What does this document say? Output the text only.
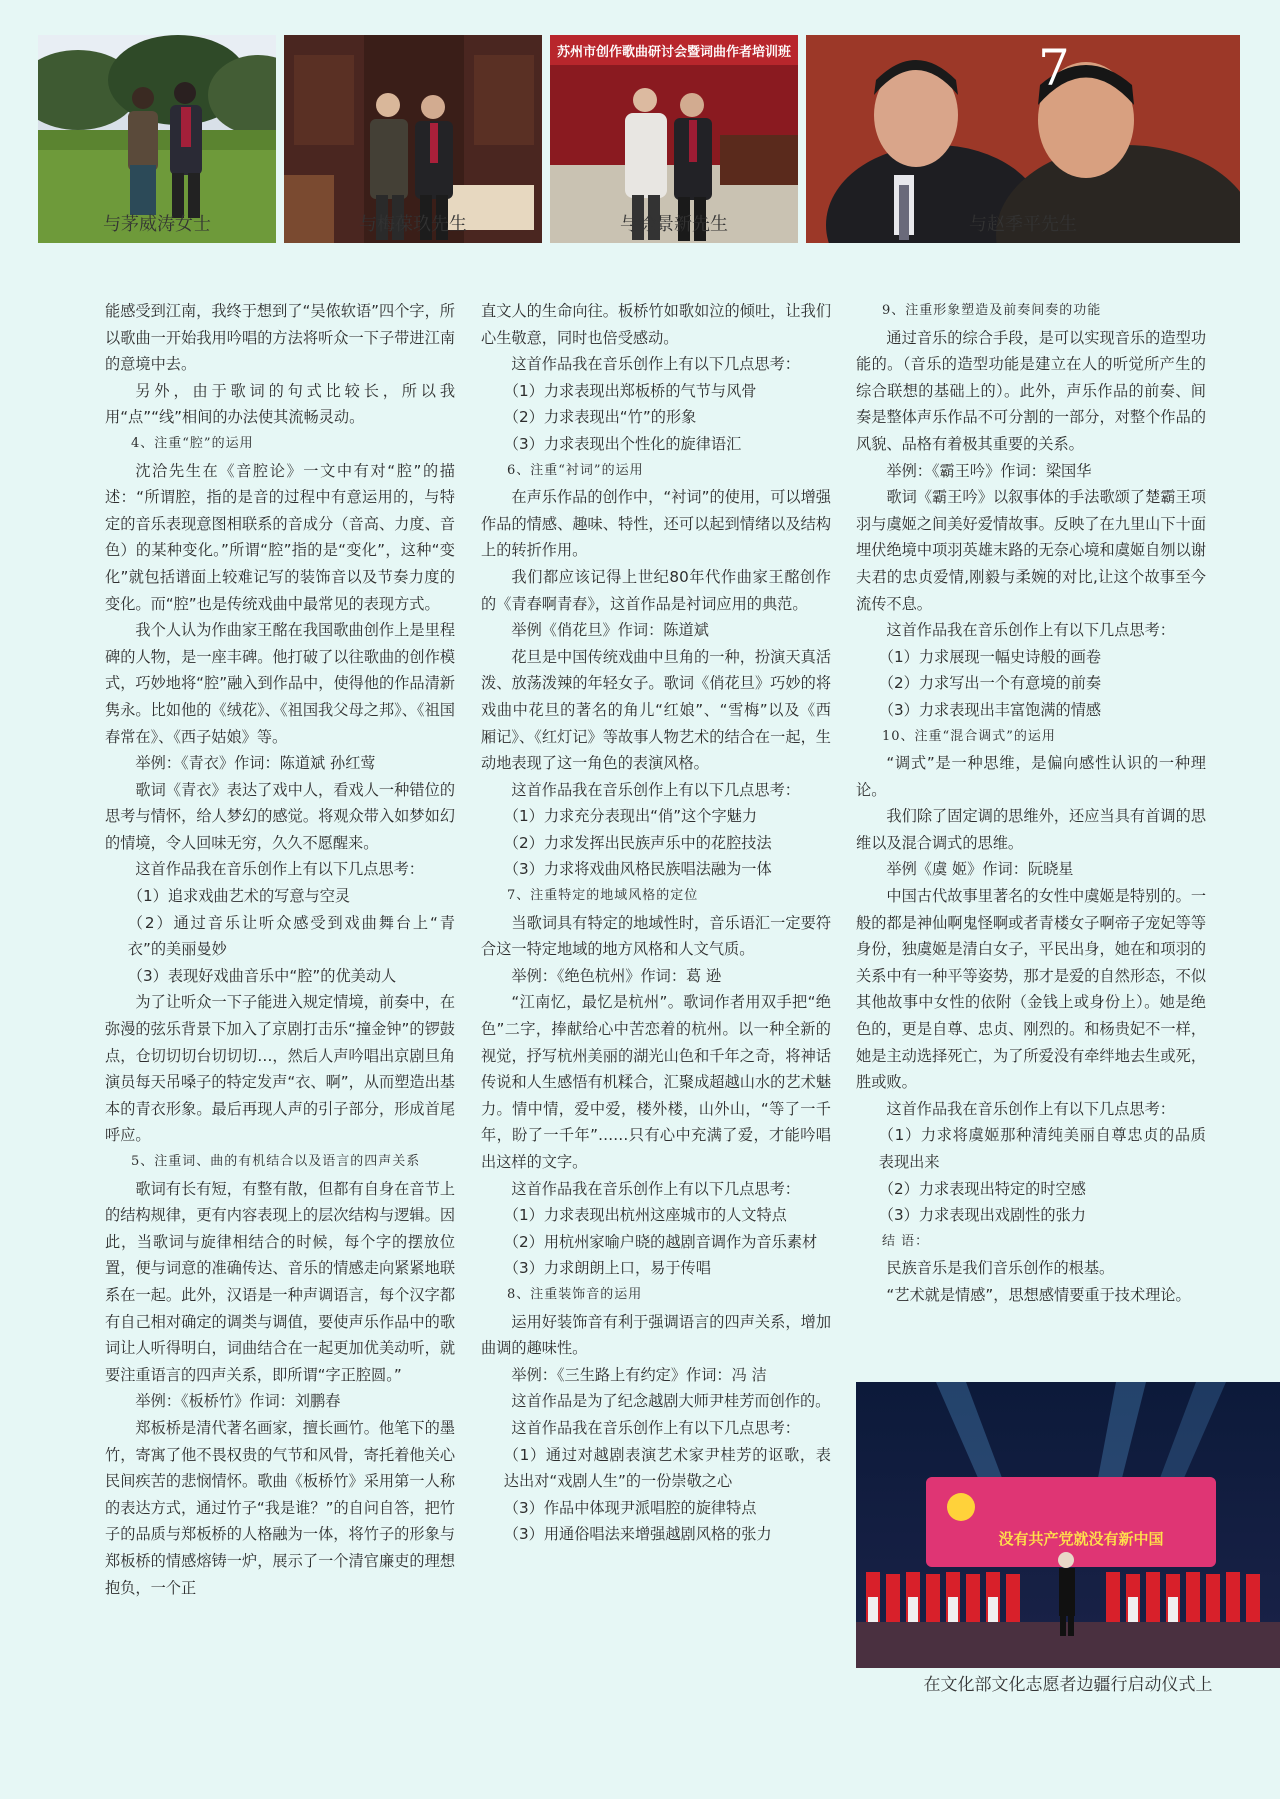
与茅威涛女士	与梅葆玖先生
苏州市创作歌曲研讨会暨词曲作者培训班
与徐景新先生
7
与赵季平先生

能感受到江南，我终于想到了“吴侬软语”四个字，所以歌曲一开始我用吟唱的方法将听众一下子带进江南的意境中去。

另外，由于歌词的句式比较长，所以我用“点”“线”相间的办法使其流畅灵动。

4、注重“腔”的运用

沈洽先生在《音腔论》一文中有对“腔”的描述：“所谓腔，指的是音的过程中有意运用的，与特定的音乐表现意图相联系的音成分（音高、力度、音色）的某种变化。”所谓“腔”指的是“变化”，这种“变化”就包括谱面上较难记写的装饰音以及节奏力度的变化。而“腔”也是传统戏曲中最常见的表现方式。

我个人认为作曲家王酩在我国歌曲创作上是里程碑的人物，是一座丰碑。他打破了以往歌曲的创作模式，巧妙地将“腔”融入到作品中，使得他的作品清新隽永。比如他的《绒花》、《祖国我父母之邦》、《祖国春常在》、《西子姑娘》等。

举例：《青衣》作词：陈道斌 孙红莺

歌词《青衣》表达了戏中人，看戏人一种错位的思考与情怀，给人梦幻的感觉。将观众带入如梦如幻的情境，令人回味无穷，久久不愿醒来。

这首作品我在音乐创作上有以下几点思考：

（1）追求戏曲艺术的写意与空灵

（2）通过音乐让听众感受到戏曲舞台上“青衣”的美丽曼妙

（3）表现好戏曲音乐中“腔”的优美动人

为了让听众一下子能进入规定情境，前奏中，在弥漫的弦乐背景下加入了京剧打击乐“撞金钟”的锣鼓点，仓切切切台切切切…，然后人声吟唱出京剧旦角演员每天吊嗓子的特定发声“衣、啊”，从而塑造出基本的青衣形象。最后再现人声的引子部分，形成首尾呼应。

5、注重词、曲的有机结合以及语言的四声关系

歌词有长有短，有整有散，但都有自身在音节上的结构规律，更有内容表现上的层次结构与逻辑。因此，当歌词与旋律相结合的时候，每个字的摆放位置，便与词意的准确传达、音乐的情感走向紧紧地联系在一起。此外，汉语是一种声调语言，每个汉字都有自己相对确定的调类与调值，要使声乐作品中的歌词让人听得明白，词曲结合在一起更加优美动听，就要注重语言的四声关系，即所谓“字正腔圆。”

举例：《板桥竹》作词：刘鹏春

郑板桥是清代著名画家，擅长画竹。他笔下的墨竹，寄寓了他不畏权贵的气节和风骨，寄托着他关心民间疾苦的悲悯情怀。歌曲《板桥竹》采用第一人称的表达方式，通过竹子“我是谁？”的自问自答，把竹子的品质与郑板桥的人格融为一体，将竹子的形象与郑板桥的情感熔铸一炉，展示了一个清官廉吏的理想抱负，一个正

直文人的生命向往。板桥竹如歌如泣的倾吐，让我们心生敬意，同时也倍受感动。

这首作品我在音乐创作上有以下几点思考：

（1）力求表现出郑板桥的气节与风骨

（2）力求表现出“竹”的形象

（3）力求表现出个性化的旋律语汇

6、注重“衬词”的运用

在声乐作品的创作中，“衬词”的使用，可以增强作品的情感、趣味、特性，还可以起到情绪以及结构上的转折作用。

我们都应该记得上世纪80年代作曲家王酩创作的《青春啊青春》，这首作品是衬词应用的典范。

举例《俏花旦》作词：陈道斌

花旦是中国传统戏曲中旦角的一种，扮演天真活泼、放荡泼辣的年轻女子。歌词《俏花旦》巧妙的将戏曲中花旦的著名的角儿“红娘”、“雪梅”以及《西厢记》、《红灯记》等故事人物艺术的结合在一起，生动地表现了这一角色的表演风格。

这首作品我在音乐创作上有以下几点思考：

（1）力求充分表现出“俏”这个字魅力

（2）力求发挥出民族声乐中的花腔技法

（3）力求将戏曲风格民族唱法融为一体

7、注重特定的地域风格的定位

当歌词具有特定的地域性时，音乐语汇一定要符合这一特定地域的地方风格和人文气质。

举例：《绝色杭州》作词：葛 逊

“江南忆，最忆是杭州”。歌词作者用双手把“绝色”二字，捧献给心中苦恋着的杭州。以一种全新的视觉，抒写杭州美丽的湖光山色和千年之奇，将神话传说和人生感悟有机糅合，汇聚成超越山水的艺术魅力。情中情，爱中爱，楼外楼，山外山，“等了一千年，盼了一千年”……只有心中充满了爱，才能吟唱出这样的文字。

这首作品我在音乐创作上有以下几点思考：

（1）力求表现出杭州这座城市的人文特点

（2）用杭州家喻户晓的越剧音调作为音乐素材

（3）力求朗朗上口，易于传唱

8、注重装饰音的运用

运用好装饰音有利于强调语言的四声关系，增加曲调的趣味性。

举例：《三生路上有约定》作词：冯 洁

这首作品是为了纪念越剧大师尹桂芳而创作的。

这首作品我在音乐创作上有以下几点思考：

（1）通过对越剧表演艺术家尹桂芳的讴歌，表达出对“戏剧人生”的一份崇敬之心

（3）作品中体现尹派唱腔的旋律特点

（3）用通俗唱法来增强越剧风格的张力

9、注重形象塑造及前奏间奏的功能

通过音乐的综合手段，是可以实现音乐的造型功能的。（音乐的造型功能是建立在人的听觉所产生的综合联想的基础上的）。此外，声乐作品的前奏、间奏是整体声乐作品不可分割的一部分，对整个作品的风貌、品格有着极其重要的关系。

举例：《霸王吟》作词：梁国华

歌词《霸王吟》以叙事体的手法歌颂了楚霸王项羽与虞姬之间美好爱情故事。反映了在九里山下十面埋伏绝境中项羽英雄末路的无奈心境和虞姬自刎以谢夫君的忠贞爱情,刚毅与柔婉的对比,让这个故事至今流传不息。

这首作品我在音乐创作上有以下几点思考：

（1）力求展现一幅史诗般的画卷

（2）力求写出一个有意境的前奏

（3）力求表现出丰富饱满的情感

10、注重“混合调式”的运用

“调式”是一种思维，是偏向感性认识的一种理论。

我们除了固定调的思维外，还应当具有首调的思维以及混合调式的思维。

举例《虞 姬》作词：阮晓星

中国古代故事里著名的女性中虞姬是特别的。一般的都是神仙啊鬼怪啊或者青楼女子啊帝子宠妃等等身份，独虞姬是清白女子，平民出身，她在和项羽的关系中有一种平等姿势，那才是爱的自然形态，不似其他故事中女性的依附（金钱上或身份上）。她是绝色的，更是自尊、忠贞、刚烈的。和杨贵妃不一样，她是主动选择死亡，为了所爱没有牵绊地去生或死，胜或败。

这首作品我在音乐创作上有以下几点思考：

（1）力求将虞姬那种清纯美丽自尊忠贞的品质表现出来

（2）力求表现出特定的时空感

（3）力求表现出戏剧性的张力

结 语：

民族音乐是我们音乐创作的根基。

“艺术就是情感”，思想感情要重于技术理论。

没有共产党就没有新中国
在文化部文化志愿者边疆行启动仪式上
